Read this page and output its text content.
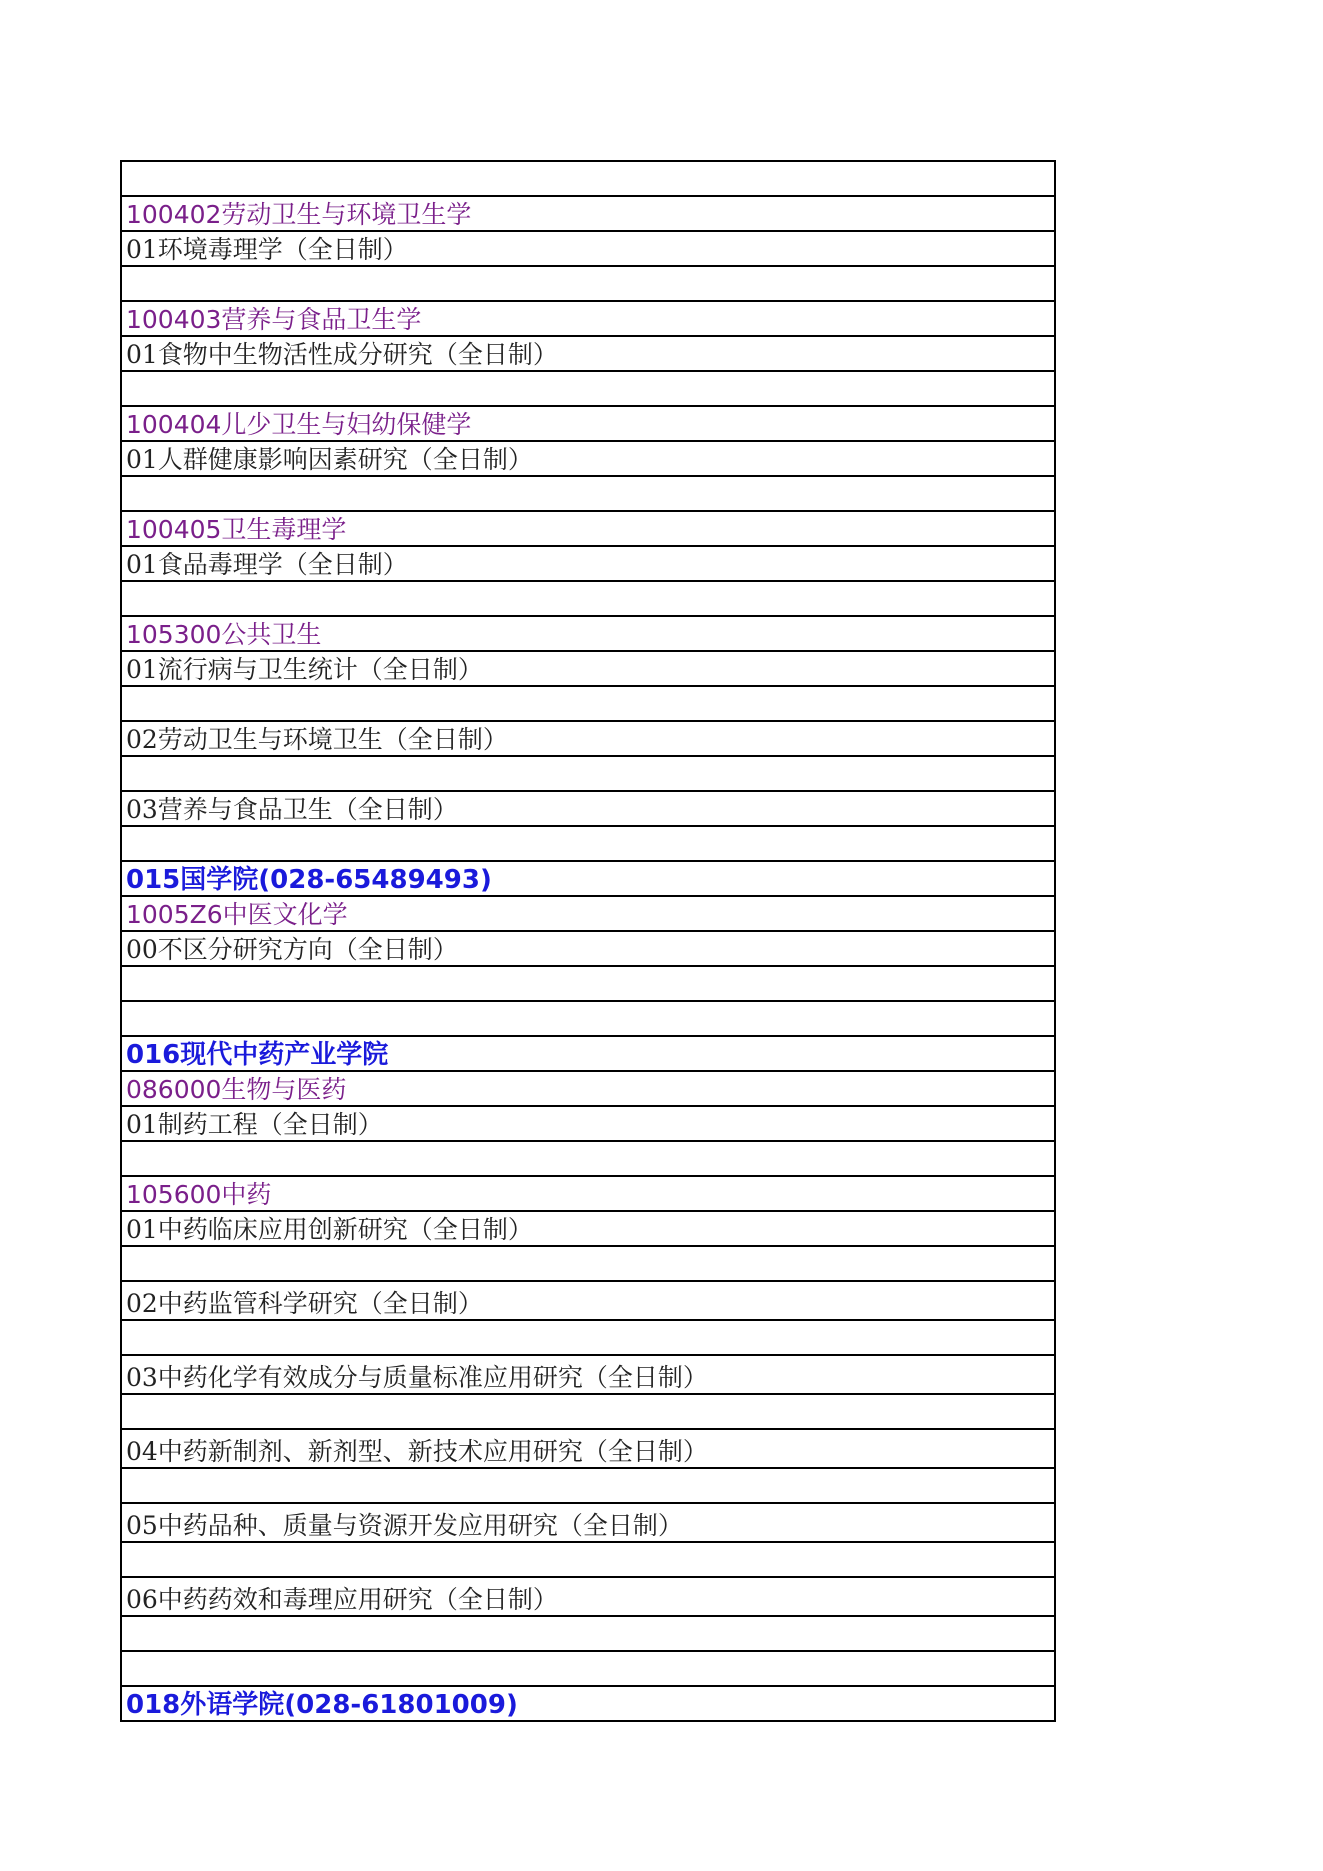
100402劳动卫生与环境卫生学
01环境毒理学（全日制）
100403营养与食品卫生学
01食物中生物活性成分研究（全日制）
100404儿少卫生与妇幼保健学
01人群健康影响因素研究（全日制）
100405卫生毒理学
01食品毒理学（全日制）
105300公共卫生
01流行病与卫生统计（全日制）
02劳动卫生与环境卫生（全日制）
03营养与食品卫生（全日制）
015国学院(028-65489493)
1005Z6中医文化学
00不区分研究方向（全日制）
016现代中药产业学院
086000生物与医药
01制药工程（全日制）
105600中药
01中药临床应用创新研究（全日制）
02中药监管科学研究（全日制）
03中药化学有效成分与质量标准应用研究（全日制）
04中药新制剂、新剂型、新技术应用研究（全日制）
05中药品种、质量与资源开发应用研究（全日制）
06中药药效和毒理应用研究（全日制）
018外语学院(028-61801009)
